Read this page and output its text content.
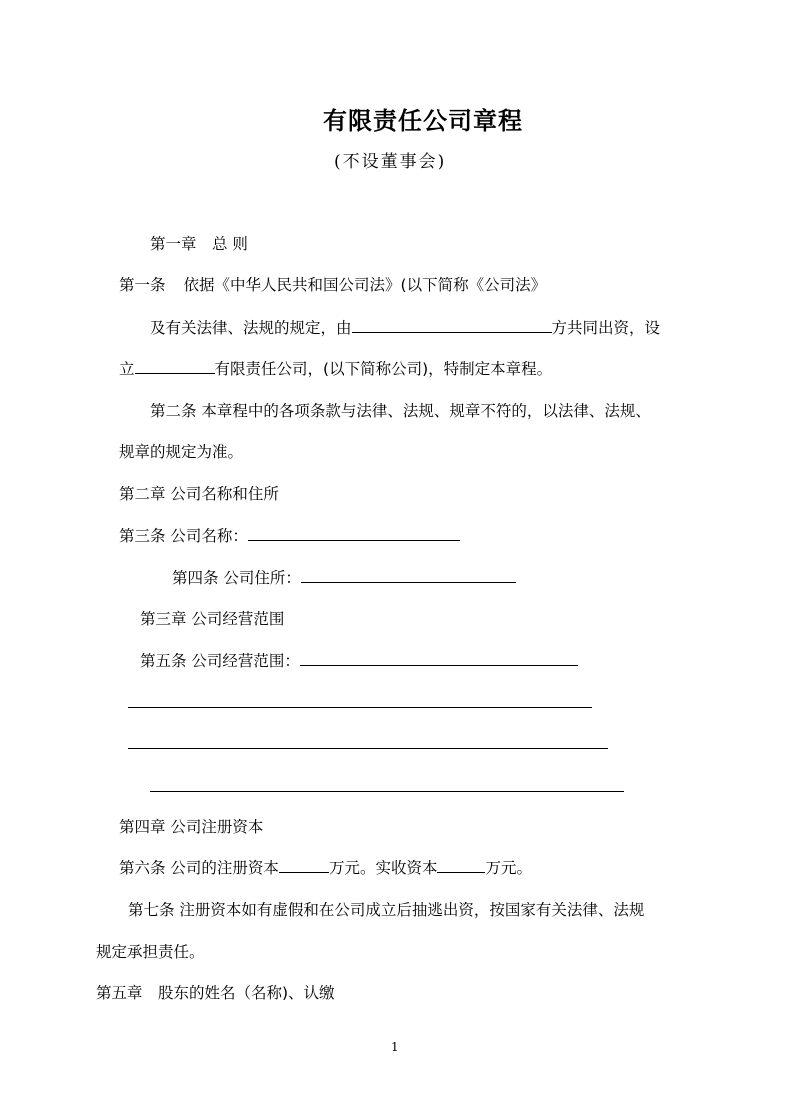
有限责任公司章程
(不设董事会)
第一章　总 则
第一条 依据《中华人民共和国公司法》(以下简称《公司法》
及有关法律、法规的规定，由	方共同出资，设
立	有限责任公司，(以下简称公司)，特制定本章程。
第二条 本章程中的各项条款与法律、法规、规章不符的，以法律、法规、
规章的规定为准。
第二章 公司名称和住所
第三条 公司名称：
第四条 公司住所：
第三章 公司经营范围
第五条 公司经营范围：
第四章 公司注册资本
第六条 公司的注册资本	万元。实收资本	万元。
第七条 注册资本如有虚假和在公司成立后抽逃出资，按国家有关法律、法规
规定承担责任。
第五章　股东的姓名（名称)、认缴
1
